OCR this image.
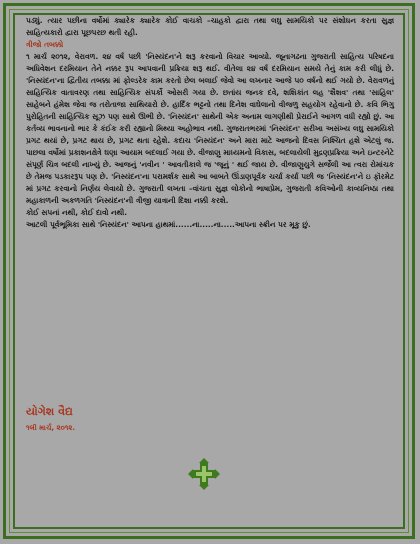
પડ્યું. ત્યાર પછીના વર્ષોમાં ક્યારેક ક્યારેક કોઈ વાચકો –ચાહકો દ્વારા તથા લઘુ સામયિકો પર સંશોધન કરતા સુજ્ઞ સાહિત્યકારો દ્વારા પૂછપરછ થતી રહી.

ત્રીજો તબક્કો

૧ માર્ચ ૨૦૧૨, વેરાવળ. ૨૪ વર્ષ પછી 'નિસ્યંદન'ને શરૂ કરવાનો વિચાર આવ્યો. જૂનાગઢના ગુજરાતી સાહિત્ય પરિષદના અધિવેશન દરમિયાન તેને નક્કર રૂપ આપવાની પ્રક્રિયા શરૂ થઈ. વીતેલા ૨૪ વર્ષ દરમિયાન સમયે તેનું કામ કરી લીધું છે. 'નિસ્યંદન'ના દ્વિતીય તબક્કા માં ફોલ્ડરેક કામ કરતો છેલ બલાઈ જેવો આ લખનાર આજે ૫૦ વર્ષનો થઈ ગયો છે. વેરાવળનું સાહિત્યિક વાતાવરણ તથા સાહિત્યિક સંપર્કો ઓસરી ગયા છે. છતાંય જનક દવે, શશિકાંત લહ 'શૈશવ' તથા 'સાહિલ' સાહેબને હંમેશ જેવા જ તરોતાજા સાથિયારો છે. હાર્દિક ભટ્ટનો તથા દિનેશ વાઘેલાનો વીજળુ સહયોગ રહેવાનો છે. કવિ ભિગુ પુરોહિતની સાહિત્યિક સૂઝ પણ સાથે ઊભી છે. 'નિસ્યંદન' સાથેની એક અનામ લાગણીથી પ્રેરાઈને આગળ વધી રહ્યો છું. આ કર્તવ્ય ભાવનાનો ભાર કે કંઈક કરી રહ્યાનો મિથ્યા અહોભાવ નથી. ગુજરાતભરમાં 'નિસ્યંદન' સરીખા અસંખ્ય લઘુ સામયિકો પ્રગટ થયાં છે, પ્રગટ થાય છે, પ્રગટ થતા રહેશે. કદાચ 'નિસ્યંદન' અને મારા માટે આજનો દિવસ નિશ્ચિત હશે એટલું જ. પાછલા વર્ષોમાં પ્રકાશનક્ષેત્રે ઘણા આયામ બદલાઈ ગયા છે. વીજાણુ માધ્યમનો વિકાસ, બદલાયેલી મુદ્રણપ્રક્રિયા અને ઇન્ટરનેટે સંપૂર્ણ ચિત્ર બદલી નાખ્યું છે. આજનું 'નવીન ' આવતીકાલે જ 'જૂનું ' થઈ જાય છે. વીજાણુયુગે સર્જેલી આ ત્વરા રોમાંચક છે તેમજ પડકારરૂપ પણ છે. 'નિસ્યંદન'ના પરામર્શક સાથે આ બાબતે ઊંડાણપૂર્વક ચર્ચા કર્યા પછી જ 'નિસ્યંદન'ને ઇ ફૉરમેટ માં પ્રગટ કરવાનો નિર્ણય લેવાયો છે. ગુજરાતી લખતા –વાંચતા સુજ્ઞ લોકોનો ભાષાપ્રેમ, ગુજરાતી કવિઓની કાવ્યનિષ્ઠા તથા મહાકાળની અકળગતિ 'નિસ્યંદન'ની ત્રીજી યાત્રાની દિશા નક્કી કરશે.

કોઈ સપનાં નથી, કોઈ દાવો નથી.

આટલી પૂર્વભૂમિકા સાથે 'નિસ્યંદન' આપના હાથમાં......ના.....ના.....આપના સ્ક્રીન પર મૂકુ છું.

યોગેશ વૈદ્ય
૧લી માર્ચ, ૨૦૧૨.
